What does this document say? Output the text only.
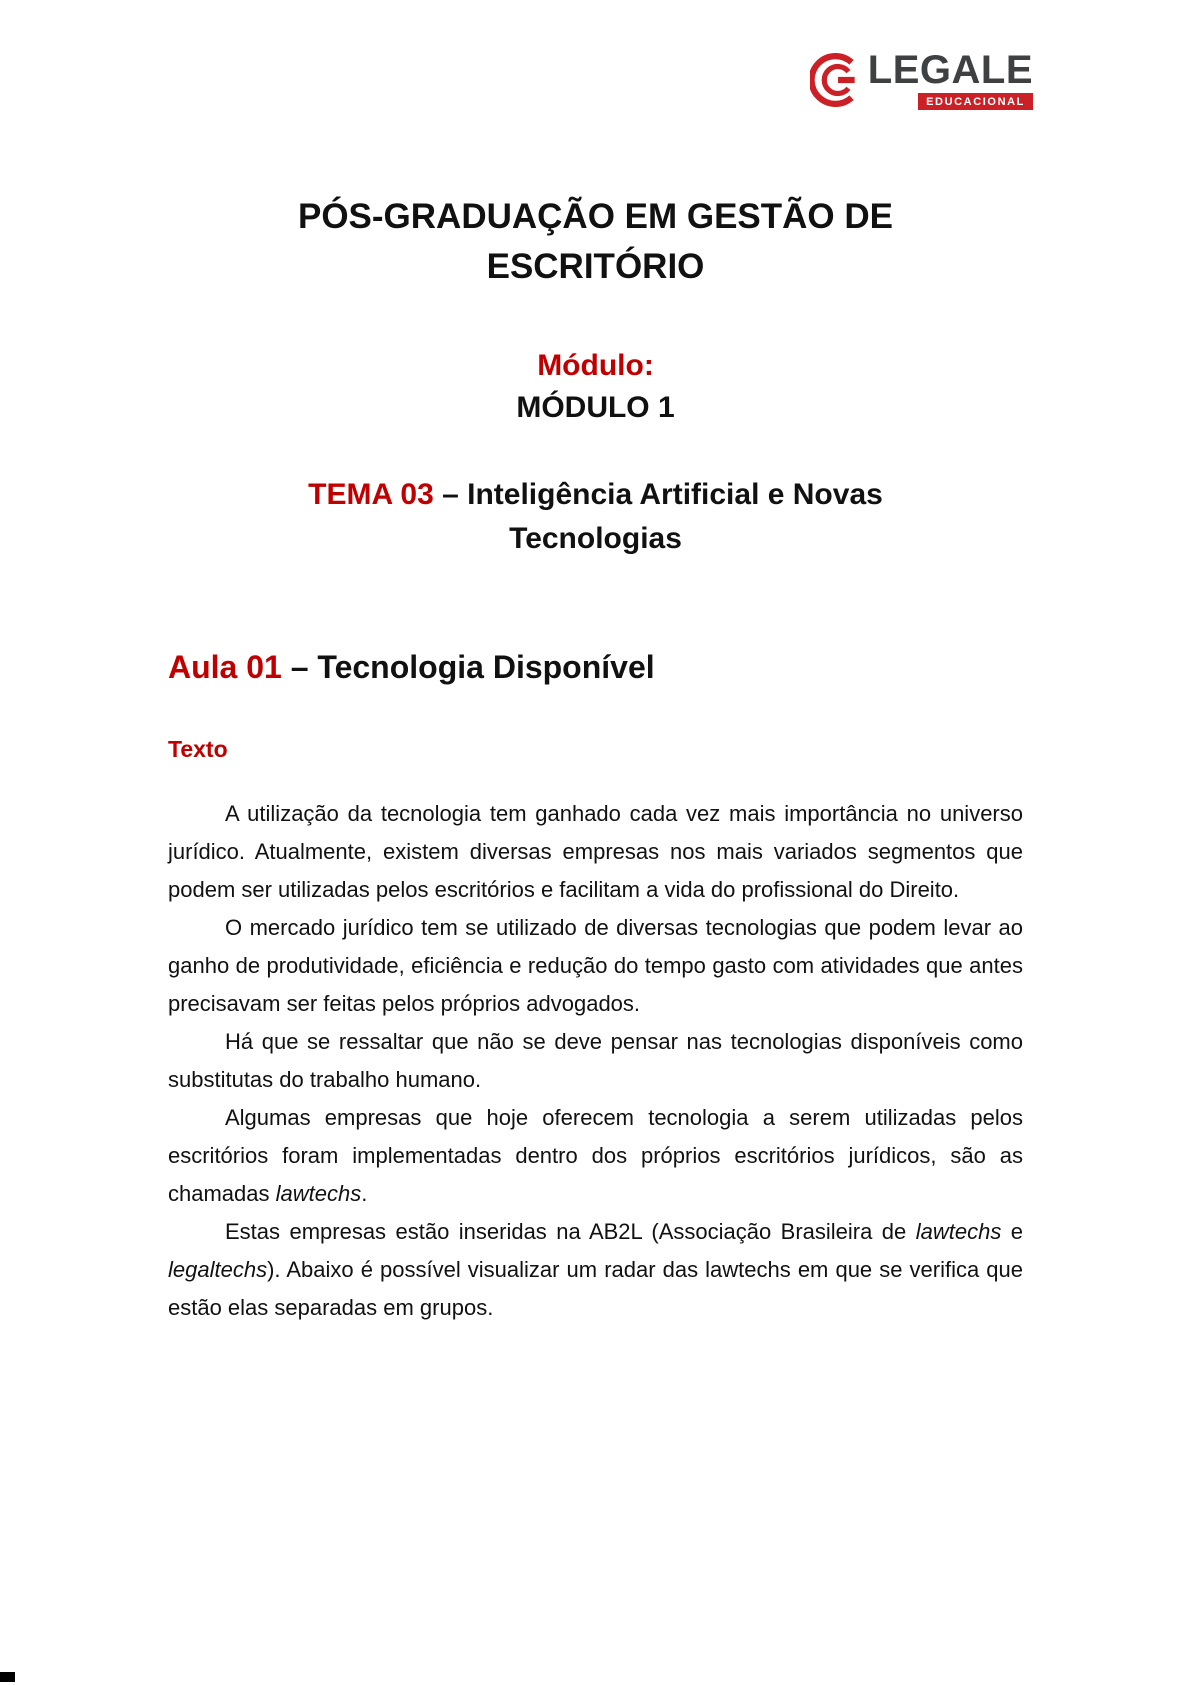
LEGALE
EDUCACIONAL
PÓS-GRADUAÇÃO EM GESTÃO DE
ESCRITÓRIO
Módulo:
MÓDULO 1
TEMA 03 – Inteligência Artificial e Novas
Tecnologias
Aula 01 – Tecnologia Disponível
Texto

A utilização da tecnologia tem ganhado cada vez mais importância no universo jurídico. Atualmente, existem diversas empresas nos mais variados segmentos que podem ser utilizadas pelos escritórios e facilitam a vida do profissional do Direito.

O mercado jurídico tem se utilizado de diversas tecnologias que podem levar ao ganho de produtividade, eficiência e redução do tempo gasto com atividades que antes precisavam ser feitas pelos próprios advogados.

Há que se ressaltar que não se deve pensar nas tecnologias disponíveis como substitutas do trabalho humano.

Algumas empresas que hoje oferecem tecnologia a serem utilizadas pelos escritórios foram implementadas dentro dos próprios escritórios jurídicos, são as chamadas lawtechs.

Estas empresas estão inseridas na AB2L (Associação Brasileira de lawtechs e legaltechs). Abaixo é possível visualizar um radar das lawtechs em que se verifica que estão elas separadas em grupos.
